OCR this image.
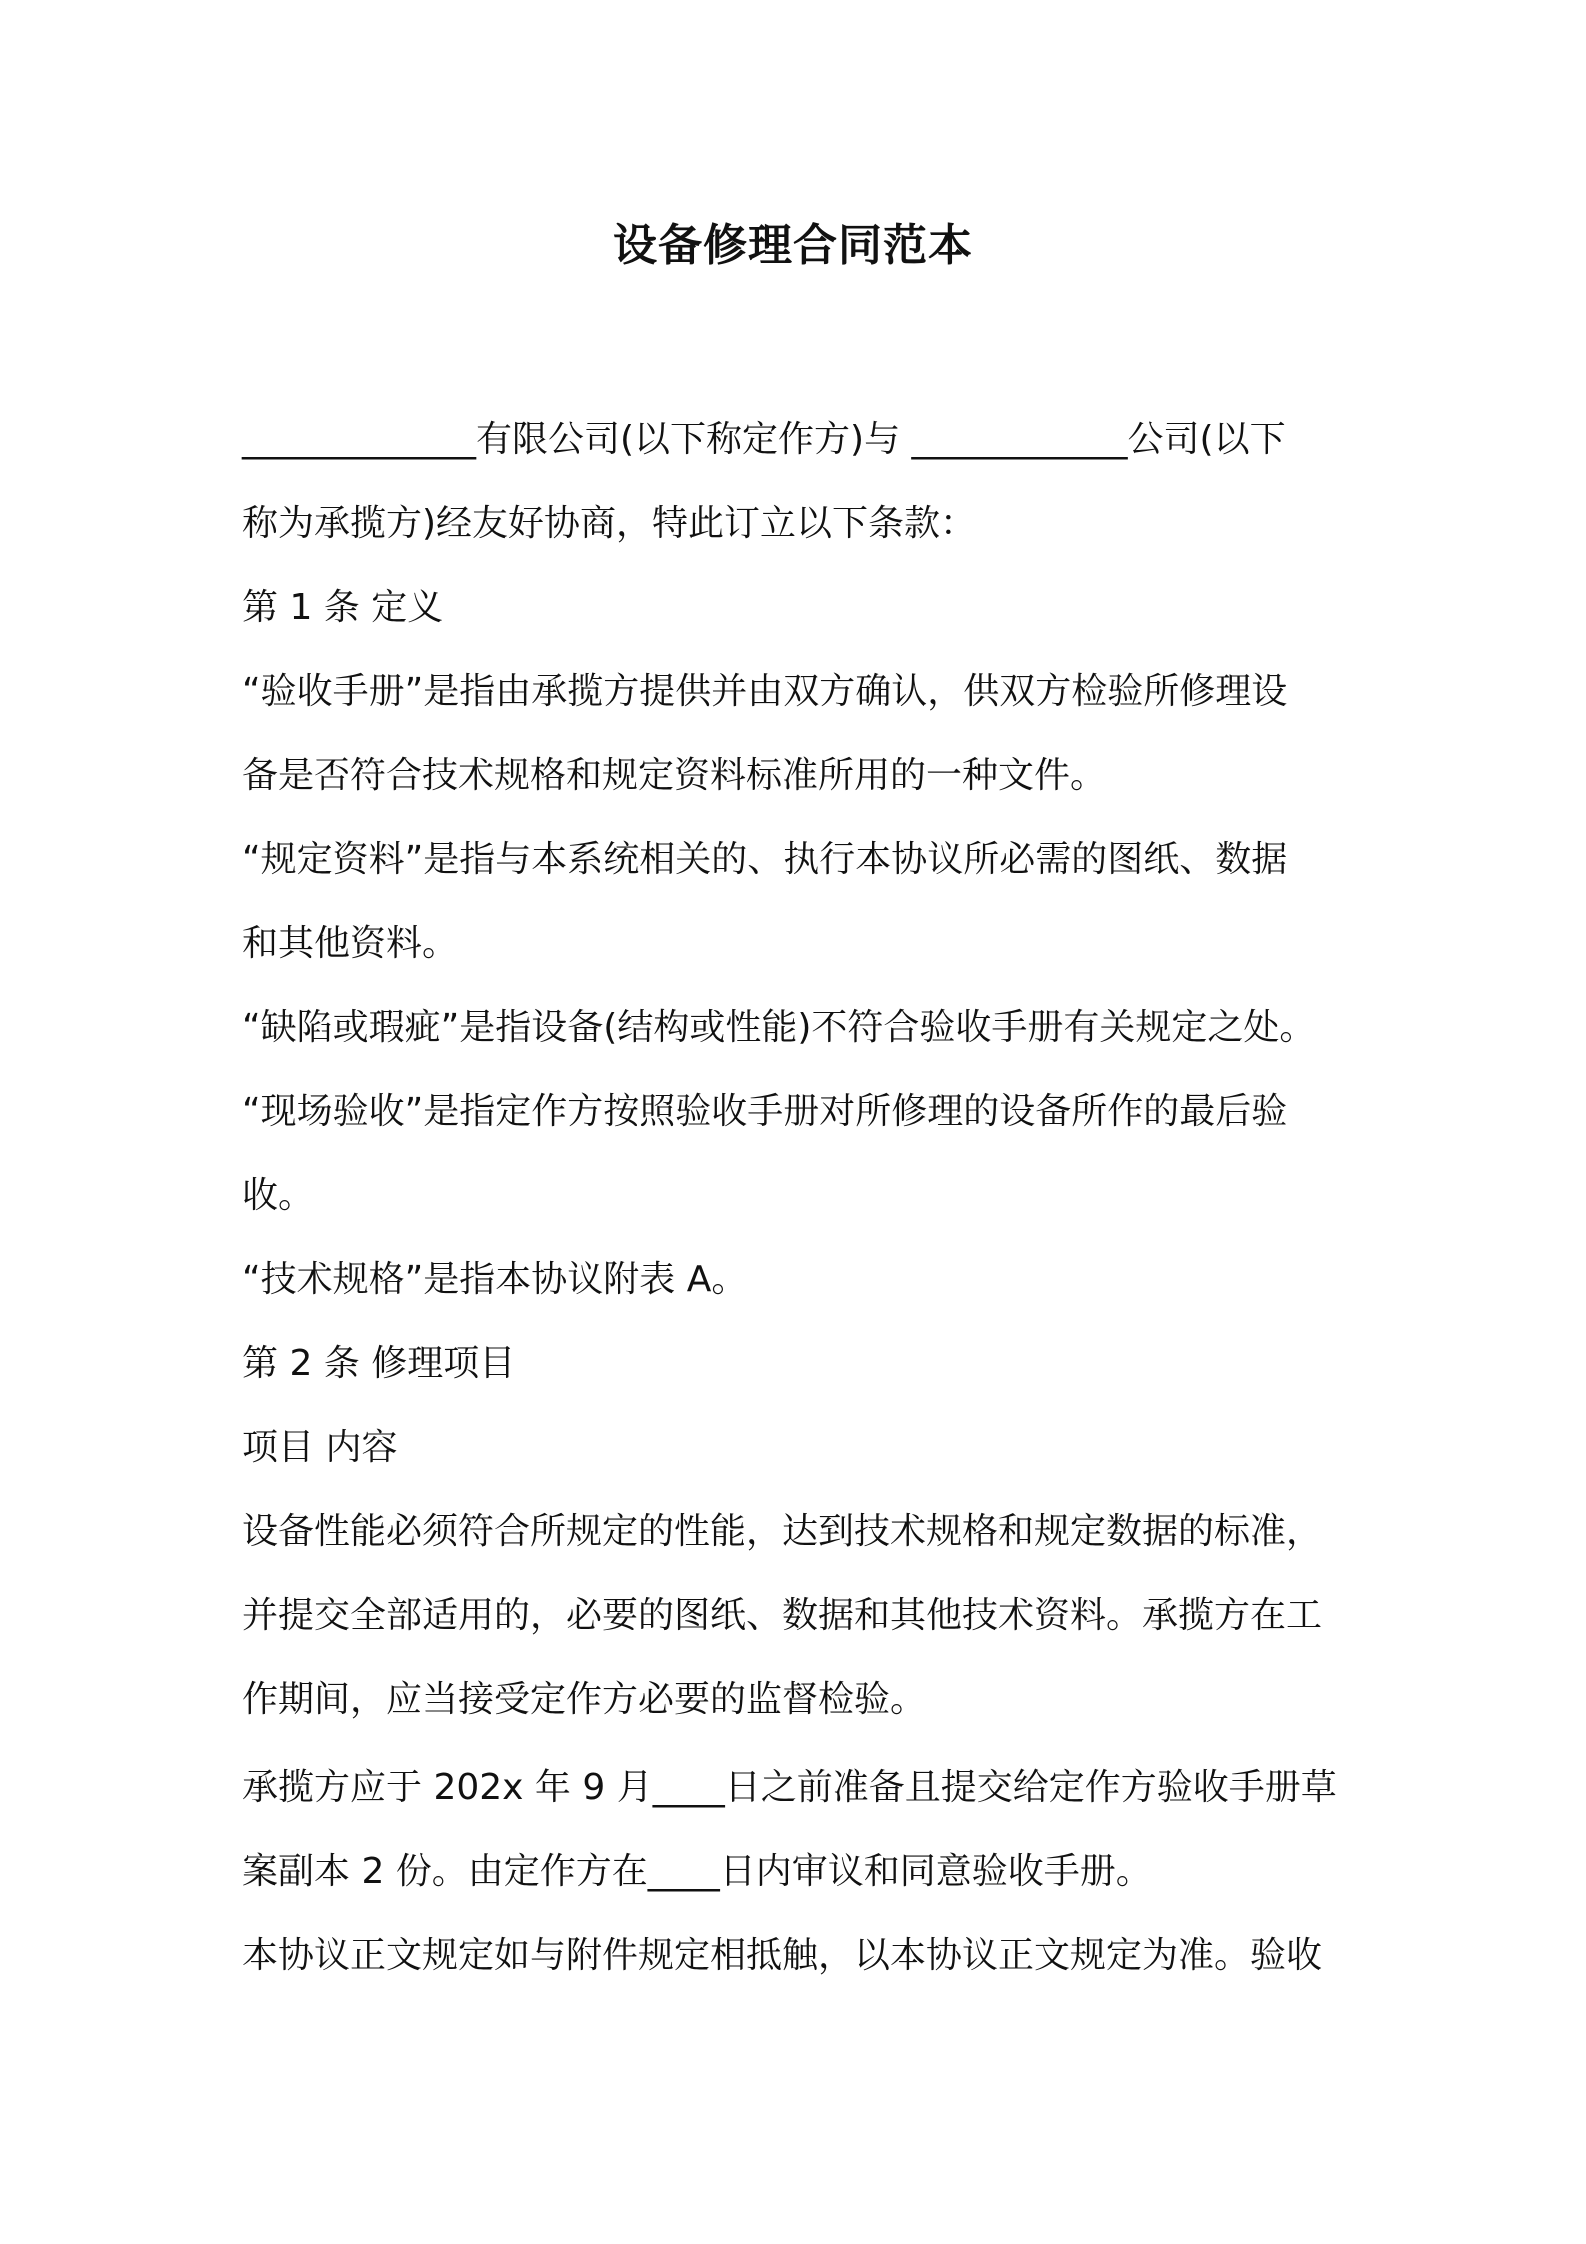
设备修理合同范本
_____________有限公司(以下称定作方)与 ____________公司(以下
称为承揽方)经友好协商，特此订立以下条款：
第 1 条 定义
“验收手册”是指由承揽方提供并由双方确认，供双方检验所修理设
备是否符合技术规格和规定资料标准所用的一种文件。
“规定资料”是指与本系统相关的、执行本协议所必需的图纸、数据
和其他资料。
“缺陷或瑕疵”是指设备(结构或性能)不符合验收手册有关规定之处。
“现场验收”是指定作方按照验收手册对所修理的设备所作的最后验
收。
“技术规格”是指本协议附表 A。
第 2 条 修理项目
项目 内容
设备性能必须符合所规定的性能，达到技术规格和规定数据的标准，
并提交全部适用的，必要的图纸、数据和其他技术资料。承揽方在工
作期间，应当接受定作方必要的监督检验。
承揽方应于 202x 年 9 月____日之前准备且提交给定作方验收手册草
案副本 2 份。由定作方在____日内审议和同意验收手册。
本协议正文规定如与附件规定相抵触，以本协议正文规定为准。验收
